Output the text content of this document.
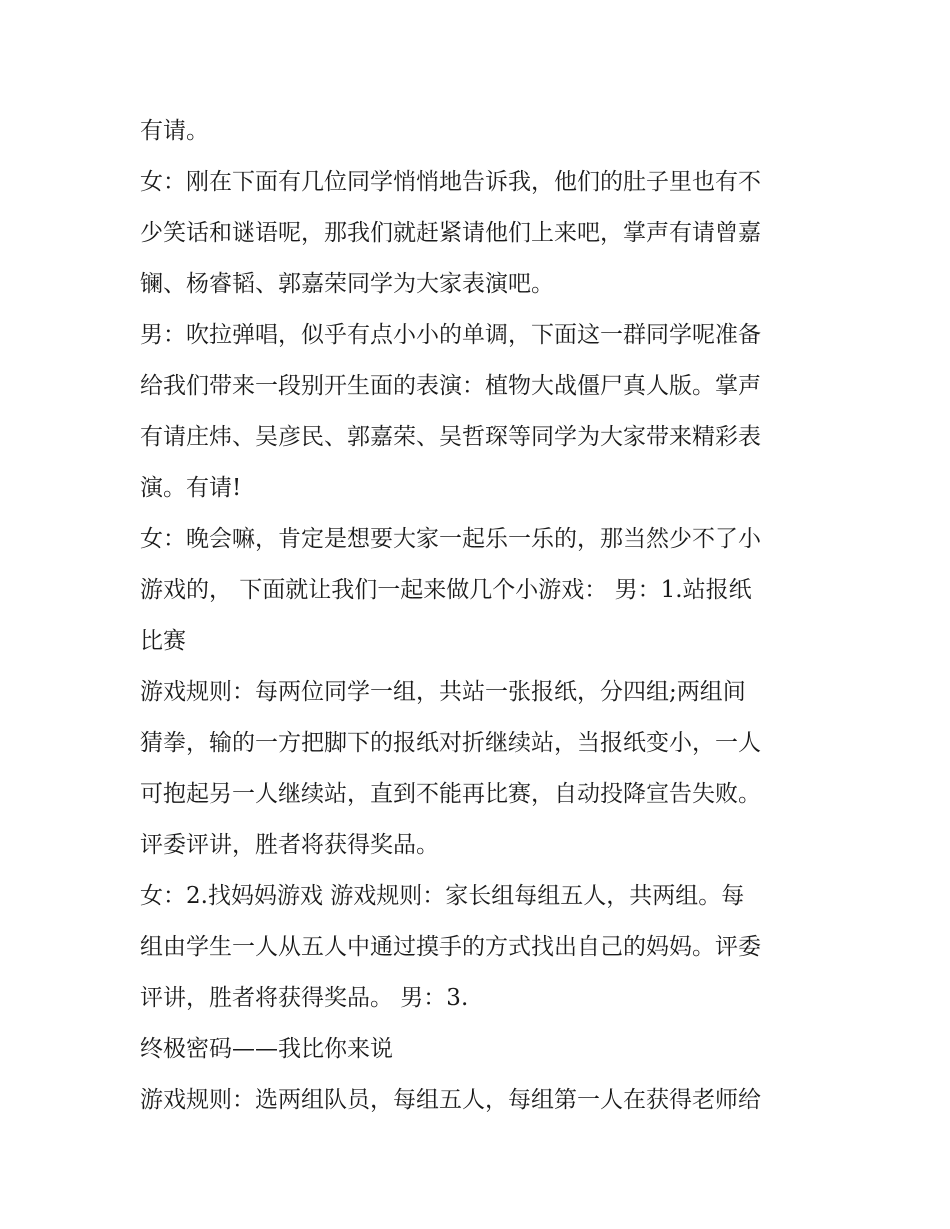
有请。
女：刚在下面有几位同学悄悄地告诉我，他们的肚子里也有不
少笑话和谜语呢，那我们就赶紧请他们上来吧，掌声有请曾嘉
镧、杨睿韬、郭嘉荣同学为大家表演吧。
男：吹拉弹唱，似乎有点小小的单调，下面这一群同学呢准备
给我们带来一段别开生面的表演：植物大战僵尸真人版。掌声
有请庄炜、吴彦民、郭嘉荣、吴哲琛等同学为大家带来精彩表
演。有请!
女：晚会嘛，肯定是想要大家一起乐一乐的，那当然少不了小
游戏的， 下面就让我们一起来做几个小游戏： 男：1.站报纸
比赛
游戏规则：每两位同学一组，共站一张报纸，分四组;两组间
猜拳，输的一方把脚下的报纸对折继续站，当报纸变小，一人
可抱起另一人继续站，直到不能再比赛，自动投降宣告失败。
评委评讲，胜者将获得奖品。
女：2.找妈妈游戏 游戏规则：家长组每组五人，共两组。每
组由学生一人从五人中通过摸手的方式找出自己的妈妈。评委
评讲，胜者将获得奖品。 男：3.
终极密码——我比你来说
游戏规则：选两组队员，每组五人，每组第一人在获得老师给
